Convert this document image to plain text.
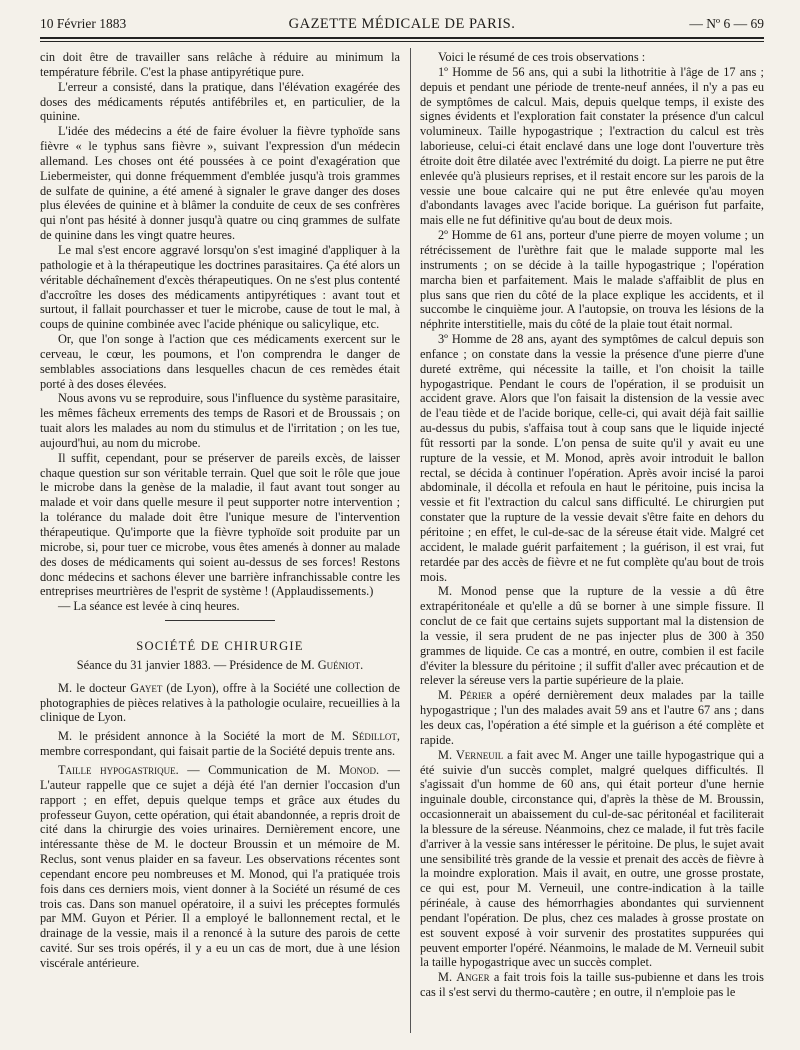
10 Février 1883	GAZETTE MÉDICALE DE PARIS.	— Nº 6 — 69

cin doit être de travailler sans relâche à réduire au minimum la température fébrile. C'est la phase antipyrétique pure.

L'erreur a consisté, dans la pratique, dans l'élévation exagérée des doses des médicaments réputés antifébriles et, en particulier, de la quinine.

L'idée des médecins a été de faire évoluer la fièvre typhoïde sans fièvre « le typhus sans fièvre », suivant l'expression d'un médecin allemand. Les choses ont été poussées à ce point d'exagération que Liebermeister, qui donne fréquemment d'emblée jusqu'à trois grammes de sulfate de quinine, a été amené à signaler le grave danger des doses plus élevées de quinine et à blâmer la conduite de ceux de ses confrères qui n'ont pas hésité à donner jusqu'à quatre ou cinq grammes de sulfate de quinine dans les vingt quatre heures.

Le mal s'est encore aggravé lorsqu'on s'est imaginé d'appliquer à la pathologie et à la thérapeutique les doctrines parasitaires. Ça été alors un véritable déchaînement d'excès thérapeutiques. On ne s'est plus contenté d'accroître les doses des médicaments antipyrétiques : avant tout et surtout, il fallait pourchasser et tuer le microbe, cause de tout le mal, à coups de quinine combinée avec l'acide phénique ou salicylique, etc.

Or, que l'on songe à l'action que ces médicaments exercent sur le cerveau, le cœur, les poumons, et l'on comprendra le danger de semblables associations dans lesquelles chacun de ces remèdes était porté à des doses élevées.

Nous avons vu se reproduire, sous l'influence du système parasitaire, les mêmes fâcheux errements des temps de Rasori et de Broussais ; on tuait alors les malades au nom du stimulus et de l'irritation ; on les tue, aujourd'hui, au nom du microbe.

Il suffit, cependant, pour se préserver de pareils excès, de laisser chaque question sur son véritable terrain. Quel que soit le rôle que joue le microbe dans la genèse de la maladie, il faut avant tout songer au malade et voir dans quelle mesure il peut supporter notre intervention ; la tolérance du malade doit être l'unique mesure de l'intervention thérapeutique. Qu'importe que la fièvre typhoïde soit produite par un microbe, si, pour tuer ce microbe, vous êtes amenés à donner au malade des doses de médicaments qui soient au-dessus de ses forces! Restons donc médecins et sachons élever une barrière infranchissable contre les entreprises meurtrières de l'esprit de système ! (Applaudissements.)

— La séance est levée à cinq heures.

SOCIÉTÉ DE CHIRURGIE

Séance du 31 janvier 1883. — Présidence de M. Guéniot.

M. le docteur Gayet (de Lyon), offre à la Société une collection de photographies de pièces relatives à la pathologie oculaire, recueillies à la clinique de Lyon.

M. le président annonce à la Société la mort de M. Sédillot, membre correspondant, qui faisait partie de la Société depuis trente ans.

Taille hypogastrique. — Communication de M. Monod. — L'auteur rappelle que ce sujet a déjà été l'an dernier l'occasion d'un rapport ; en effet, depuis quelque temps et grâce aux études du professeur Guyon, cette opération, qui était abandonnée, a repris droit de cité dans la chirurgie des voies urinaires. Dernièrement encore, une intéressante thèse de M. le docteur Broussin et un mémoire de M. Reclus, sont venus plaider en sa faveur. Les observations récentes sont cependant encore peu nombreuses et M. Monod, qui l'a pratiquée trois fois dans ces derniers mois, vient donner à la Société un résumé de ces trois cas. Dans son manuel opératoire, il a suivi les préceptes formulés par MM. Guyon et Périer. Il a employé le ballonnement rectal, et le drainage de la vessie, mais il a renoncé à la suture des parois de cette cavité. Sur ses trois opérés, il y a eu un cas de mort, due à une lésion viscérale antérieure.

Voici le résumé de ces trois observations :

1º Homme de 56 ans, qui a subi la lithotritie à l'âge de 17 ans ; depuis et pendant une période de trente-neuf années, il n'y a pas eu de symptômes de calcul. Mais, depuis quelque temps, il existe des signes évidents et l'exploration fait constater la présence d'un calcul volumineux. Taille hypogastrique ; l'extraction du calcul est très laborieuse, celui-ci était enclavé dans une loge dont l'ouverture très étroite doit être dilatée avec l'extrémité du doigt. La pierre ne put être enlevée qu'à plusieurs reprises, et il restait encore sur les parois de la vessie une boue calcaire qui ne put être enlevée qu'au moyen d'abondants lavages avec l'acide borique. La guérison fut parfaite, mais elle ne fut définitive qu'au bout de deux mois.

2º Homme de 61 ans, porteur d'une pierre de moyen volume ; un rétrécissement de l'urèthre fait que le malade supporte mal les instruments ; on se décide à la taille hypogastrique ; l'opération marcha bien et parfaitement. Mais le malade s'affaiblit de plus en plus sans que rien du côté de la place explique les accidents, et il succombe le cinquième jour. A l'autopsie, on trouva les lésions de la néphrite interstitielle, mais du côté de la plaie tout était normal.

3º Homme de 28 ans, ayant des symptômes de calcul depuis son enfance ; on constate dans la vessie la présence d'une pierre d'une dureté extrême, qui nécessite la taille, et l'on choisit la taille hypogastrique. Pendant le cours de l'opération, il se produisit un accident grave. Alors que l'on faisait la distension de la vessie avec de l'eau tiède et de l'acide borique, celle-ci, qui avait déjà fait saillie au-dessus du pubis, s'affaisa tout à coup sans que le liquide injecté fût ressorti par la sonde. L'on pensa de suite qu'il y avait eu une rupture de la vessie, et M. Monod, après avoir introduit le ballon rectal, se décida à continuer l'opération. Après avoir incisé la paroi abdominale, il décolla et refoula en haut le péritoine, puis incisa la vessie et fit l'extraction du calcul sans difficulté. Le chirurgien put constater que la rupture de la vessie devait s'être faite en dehors du péritoine ; en effet, le cul-de-sac de la séreuse était vide. Malgré cet accident, le malade guérit parfaitement ; la guérison, il est vrai, fut retardée par des accès de fièvre et ne fut complète qu'au bout de trois mois.

M. Monod pense que la rupture de la vessie a dû être extrapéritonéale et qu'elle a dû se borner à une simple fissure. Il conclut de ce fait que certains sujets supportant mal la distension de la vessie, il sera prudent de ne pas injecter plus de 300 à 350 grammes de liquide. Ce cas a montré, en outre, combien il est facile d'éviter la blessure du péritoine ; il suffit d'aller avec précaution et de relever la séreuse vers la partie supérieure de la plaie.

M. Périer a opéré dernièrement deux malades par la taille hypogastrique ; l'un des malades avait 59 ans et l'autre 67 ans ; dans les deux cas, l'opération a été simple et la guérison a été complète et rapide.

M. Verneuil a fait avec M. Anger une taille hypogastrique qui a été suivie d'un succès complet, malgré quelques difficultés. Il s'agissait d'un homme de 60 ans, qui était porteur d'une hernie inguinale double, circonstance qui, d'après la thèse de M. Broussin, occasionnerait un abaissement du cul-de-sac péritonéal et faciliterait la blessure de la séreuse. Néanmoins, chez ce malade, il fut très facile d'arriver à la vessie sans intéresser le péritoine. De plus, le sujet avait une sensibilité très grande de la vessie et prenait des accès de fièvre à la moindre exploration. Mais il avait, en outre, une grosse prostate, ce qui est, pour M. Verneuil, une contre-indication à la taille périnéale, à cause des hémorrhagies abondantes qui surviennent pendant l'opération. De plus, chez ces malades à grosse prostate on est souvent exposé à voir survenir des prostatites suppurées qui peuvent emporter l'opéré. Néanmoins, le malade de M. Verneuil subit la taille hypogastrique avec un succès complet.

M. Anger a fait trois fois la taille sus-pubienne et dans les trois cas il s'est servi du thermo-cautère ; en outre, il n'emploie pas le
